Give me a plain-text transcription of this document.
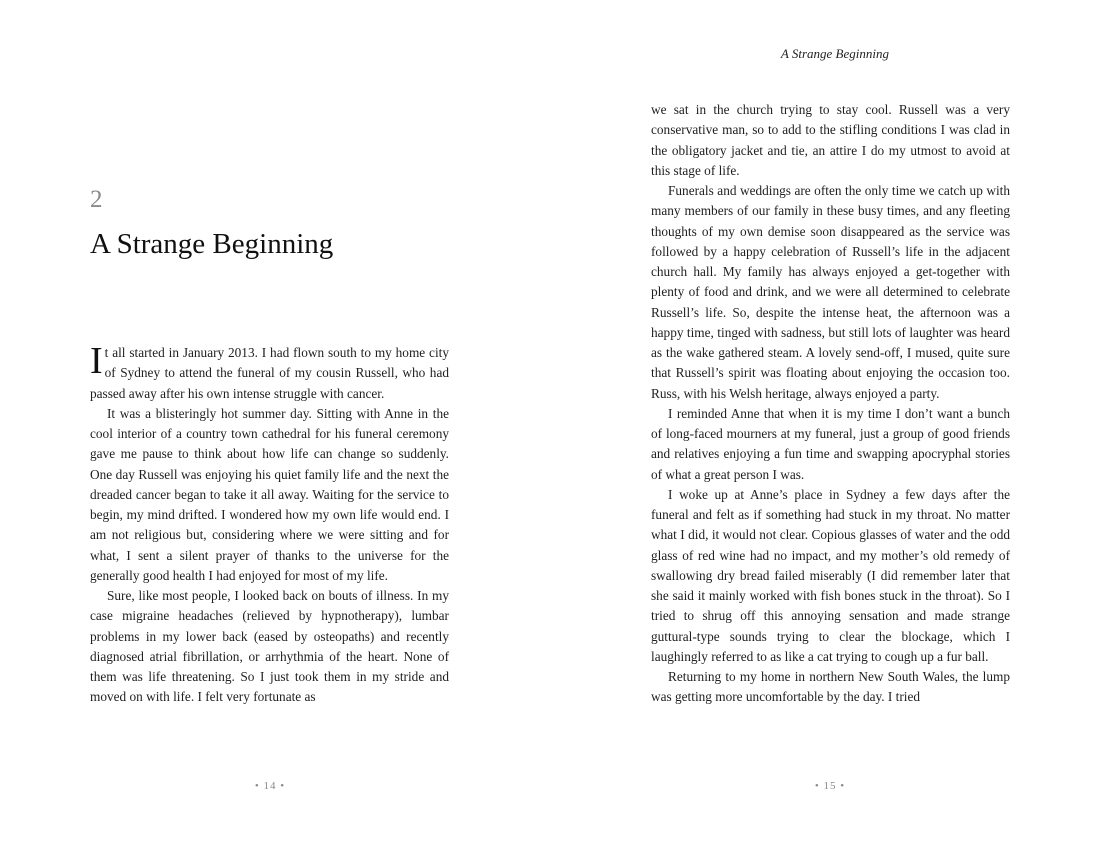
2
A Strange Beginning

It all started in January 2013. I had flown south to my home city of Sydney to attend the funeral of my cousin Russell, who had passed away after his own intense struggle with cancer.

It was a blisteringly hot summer day. Sitting with Anne in the cool interior of a country town cathedral for his funeral ceremony gave me pause to think about how life can change so suddenly. One day Russell was enjoying his quiet family life and the next the dreaded cancer began to take it all away. Waiting for the service to begin, my mind drifted. I wondered how my own life would end. I am not religious but, considering where we were sitting and for what, I sent a silent prayer of thanks to the universe for the generally good health I had enjoyed for most of my life.

Sure, like most people, I looked back on bouts of illness. In my case migraine headaches (relieved by hypnotherapy), lumbar problems in my lower back (eased by osteopaths) and recently diagnosed atrial fibrillation, or arrhythmia of the heart. None of them was life threatening. So I just took them in my stride and moved on with life. I felt very fortunate as

• 14 •
A Strange Beginning

we sat in the church trying to stay cool. Russell was a very conservative man, so to add to the stifling conditions I was clad in the obligatory jacket and tie, an attire I do my utmost to avoid at this stage of life.

Funerals and weddings are often the only time we catch up with many members of our family in these busy times, and any fleeting thoughts of my own demise soon disappeared as the service was followed by a happy celebration of Russell’s life in the adjacent church hall. My family has always enjoyed a get-together with plenty of food and drink, and we were all determined to celebrate Russell’s life. So, despite the intense heat, the afternoon was a happy time, tinged with sadness, but still lots of laughter was heard as the wake gathered steam. A lovely send-off, I mused, quite sure that Russell’s spirit was floating about enjoying the occasion too. Russ, with his Welsh heritage, always enjoyed a party.

I reminded Anne that when it is my time I don’t want a bunch of long-faced mourners at my funeral, just a group of good friends and relatives enjoying a fun time and swapping apocryphal stories of what a great person I was.

I woke up at Anne’s place in Sydney a few days after the funeral and felt as if something had stuck in my throat. No matter what I did, it would not clear. Copious glasses of water and the odd glass of red wine had no impact, and my mother’s old remedy of swallowing dry bread failed miserably (I did remember later that she said it mainly worked with fish bones stuck in the throat). So I tried to shrug off this annoying sensation and made strange guttural-type sounds trying to clear the blockage, which I laughingly referred to as like a cat trying to cough up a fur ball.

Returning to my home in northern New South Wales, the lump was getting more uncomfortable by the day. I tried

• 15 •
